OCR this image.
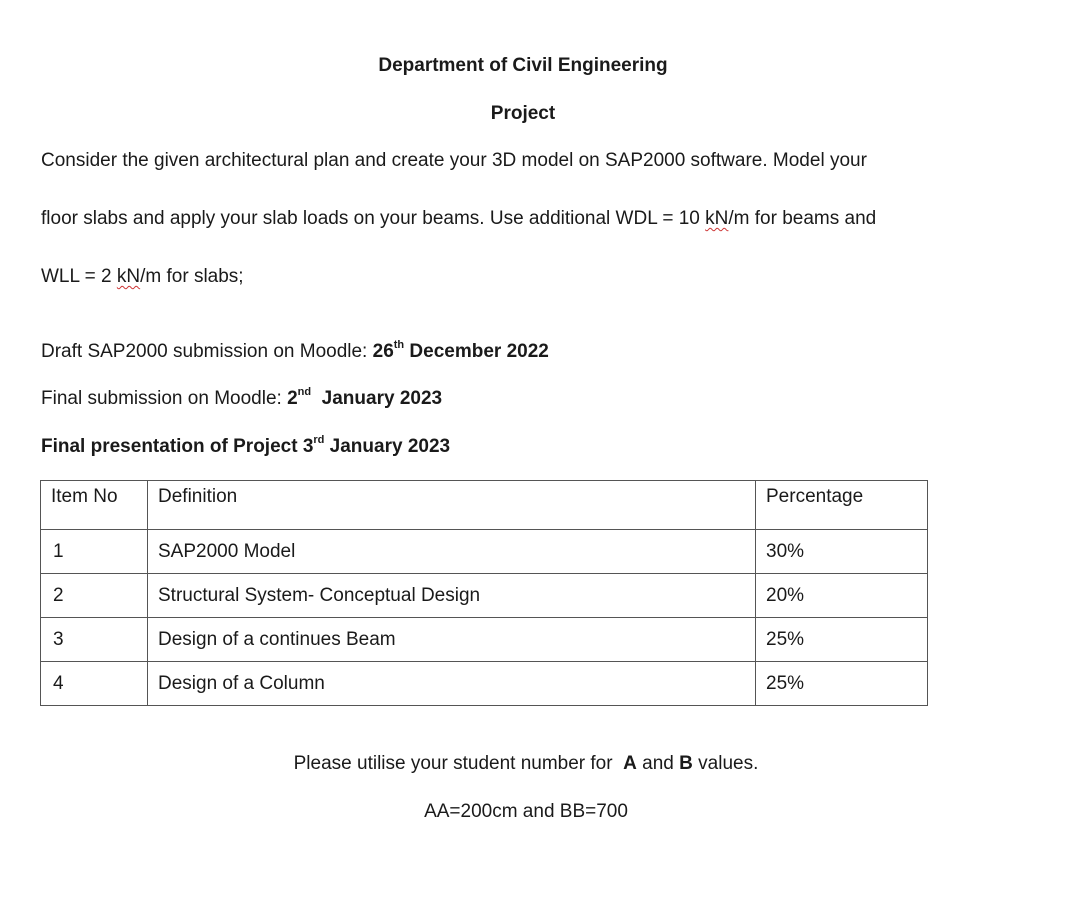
Department of Civil Engineering
Project
Consider the given architectural plan and create your 3D model on SAP2000 software. Model your
floor slabs and apply your slab loads on your beams. Use additional WDL = 10 kN/m for beams and
WLL = 2 kN/m for slabs;
Draft SAP2000 submission on Moodle: 26th December 2022
Final submission on Moodle: 2nd  January 2023
Final presentation of Project 3rd January 2023
Item No	Definition	Percentage
1	SAP2000 Model	30%
2	Structural System- Conceptual Design	20%
3	Design of a continues Beam	25%
4	Design of a Column	25%
Please utilise your student number for  A and B values.
AA=200cm and BB=700
